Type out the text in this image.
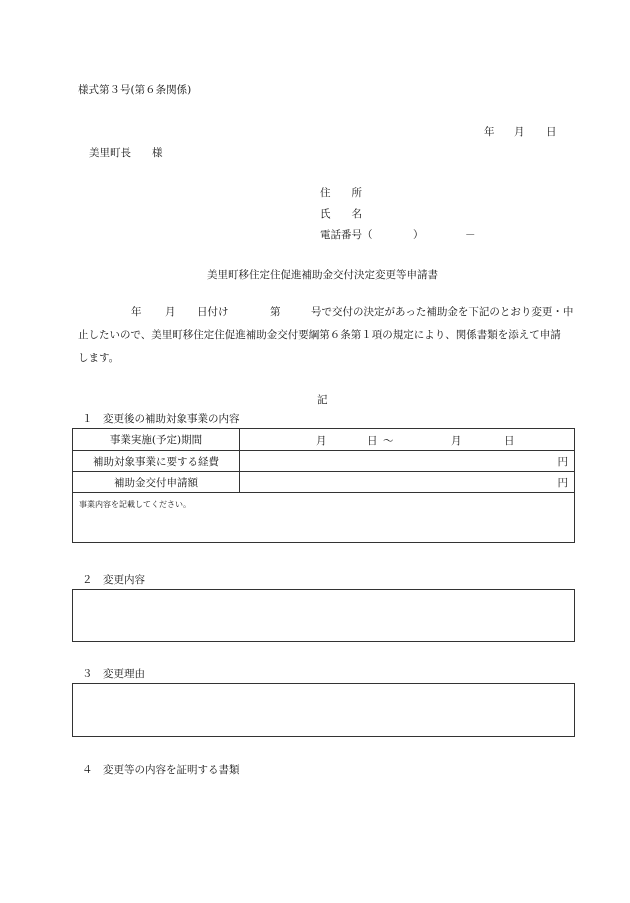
様式第３号(第６条関係)
年 月 日
美里町長　　様
住　　所
氏　　名
電話番号（	）	－
美里町移住定住促進補助金交付決定変更等申請書
年 月 日付け	第	号で交付の決定があった補助金を下記のとおり変更・中
止したいので、美里町移住定住促進補助金交付要綱第６条第１項の規定により、関係書類を添えて申請
します。
記
１　変更後の補助対象事業の内容
事業実施(予定)期間	月 日 ～ 月 日

補助対象事業に要する経費	円
補助金交付申請額	円
事業内容を記載してください。	
２　変更内容
３　変更理由
４　変更等の内容を証明する書類
